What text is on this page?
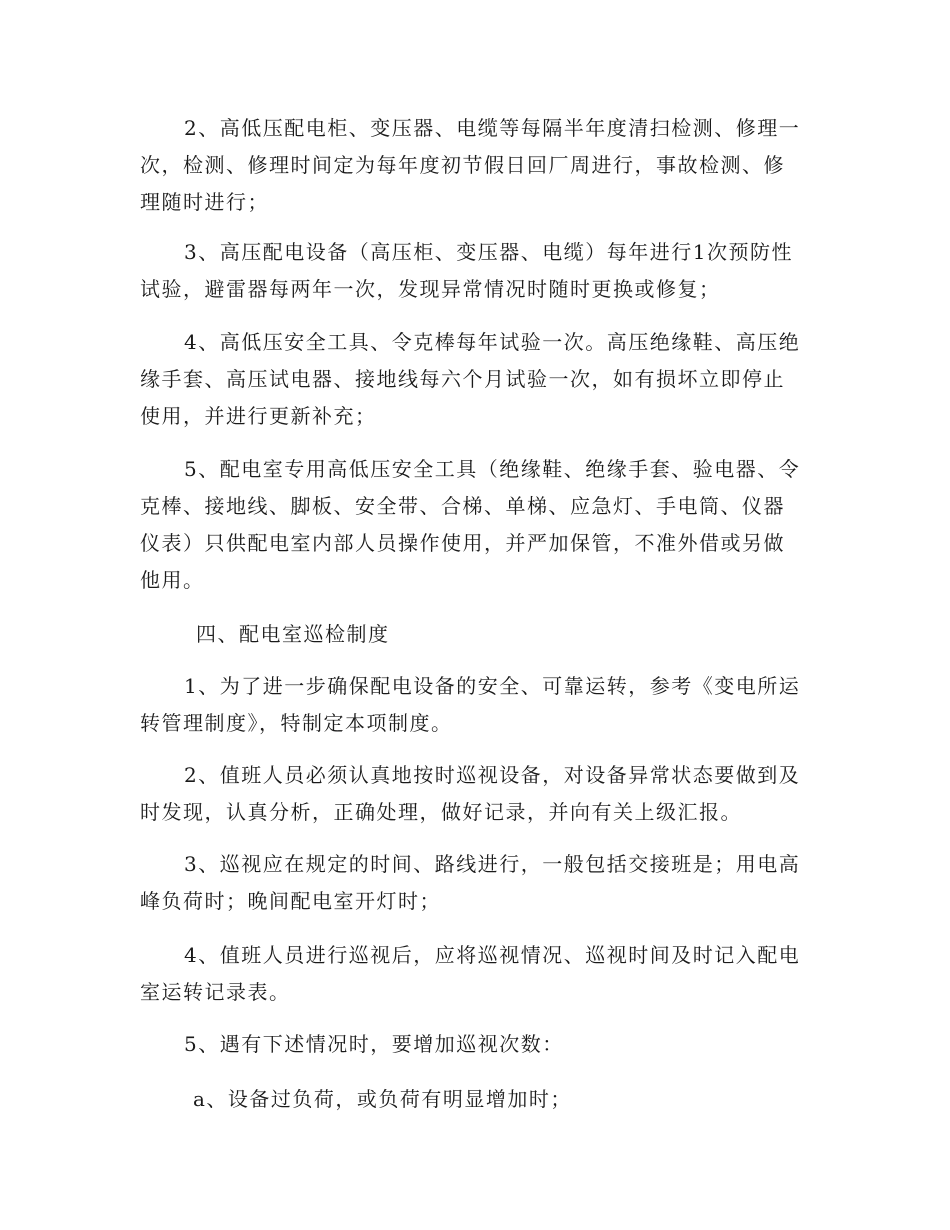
2、高低压配电柜、变压器、电缆等每隔半年度清扫检测、修理一次，检测、修理时间定为每年度初节假日回厂周进行，事故检测、修理随时进行；

3、高压配电设备（高压柜、变压器、电缆）每年进行1次预防性试验，避雷器每两年一次，发现异常情况时随时更换或修复；

4、高低压安全工具、令克棒每年试验一次。高压绝缘鞋、高压绝缘手套、高压试电器、接地线每六个月试验一次，如有损坏立即停止使用，并进行更新补充；

5、配电室专用高低压安全工具（绝缘鞋、绝缘手套、验电器、令克棒、接地线、脚板、安全带、合梯、单梯、应急灯、手电筒、仪器仪表）只供配电室内部人员操作使用，并严加保管，不准外借或另做他用。

四、配电室巡检制度

1、为了进一步确保配电设备的安全、可靠运转，参考《变电所运转管理制度》，特制定本项制度。

2、值班人员必须认真地按时巡视设备，对设备异常状态要做到及时发现，认真分析，正确处理，做好记录，并向有关上级汇报。

3、巡视应在规定的时间、路线进行，一般包括交接班是；用电高峰负荷时；晚间配电室开灯时；

4、值班人员进行巡视后，应将巡视情况、巡视时间及时记入配电室运转记录表。

5、遇有下述情况时，要增加巡视次数：

a、设备过负荷，或负荷有明显增加时；
